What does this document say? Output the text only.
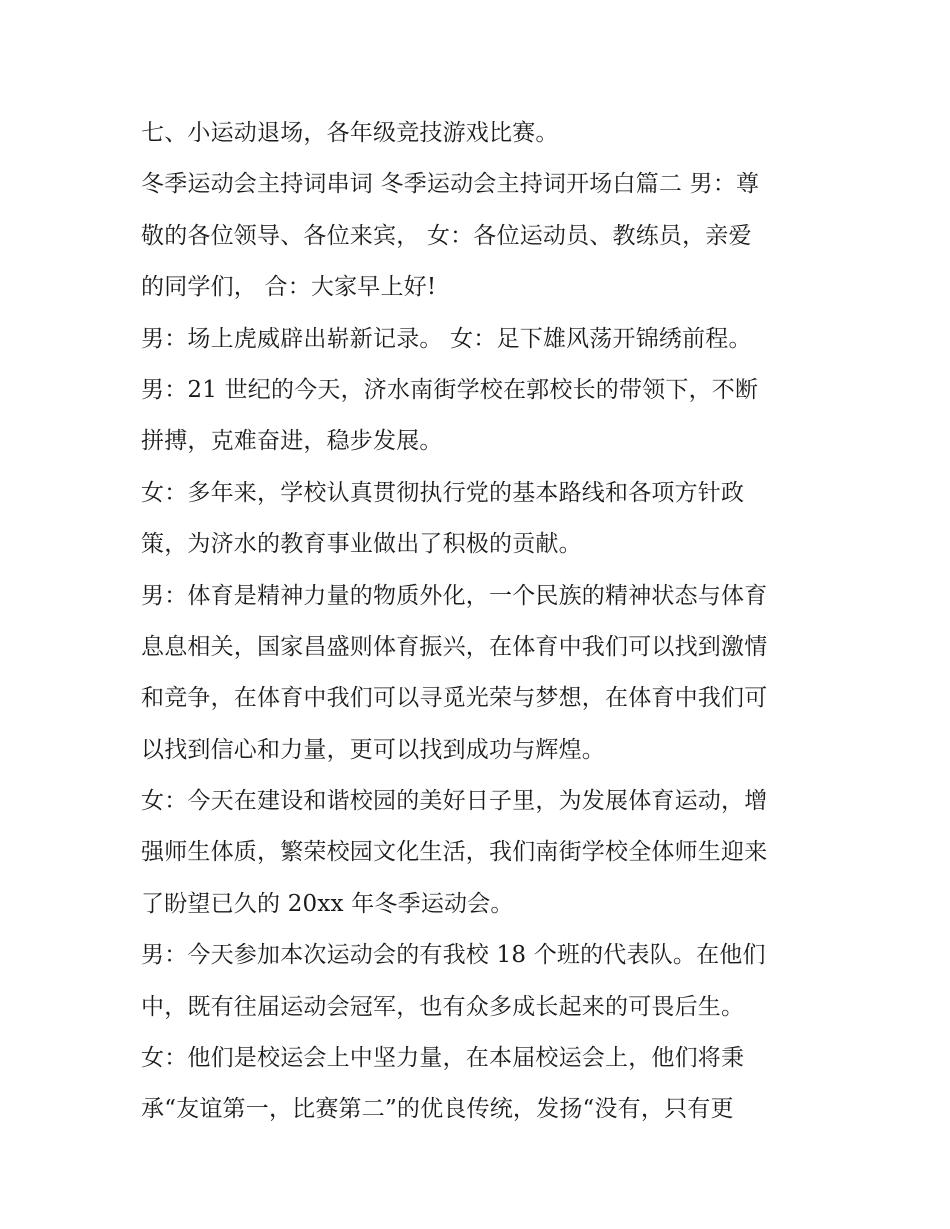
七、小运动退场，各年级竞技游戏比赛。
冬季运动会主持词串词 冬季运动会主持词开场白篇二 男：尊
敬的各位领导、各位来宾， 女：各位运动员、教练员，亲爱
的同学们， 合：大家早上好!
男：场上虎威辟出崭新记录。 女：足下雄风荡开锦绣前程。
男：21 世纪的今天，济水南街学校在郭校长的带领下，不断
拼搏，克难奋进，稳步发展。
女：多年来，学校认真贯彻执行党的基本路线和各项方针政
策，为济水的教育事业做出了积极的贡献。
男：体育是精神力量的物质外化，一个民族的精神状态与体育
息息相关，国家昌盛则体育振兴，在体育中我们可以找到激情
和竞争，在体育中我们可以寻觅光荣与梦想，在体育中我们可
以找到信心和力量，更可以找到成功与辉煌。
女：今天在建设和谐校园的美好日子里，为发展体育运动，增
强师生体质，繁荣校园文化生活，我们南街学校全体师生迎来
了盼望已久的 20xx 年冬季运动会。
男：今天参加本次运动会的有我校 18 个班的代表队。在他们
中，既有往届运动会冠军，也有众多成长起来的可畏后生。
女：他们是校运会上中坚力量，在本届校运会上，他们将秉
承“友谊第一，比赛第二”的优良传统，发扬“没有，只有更
